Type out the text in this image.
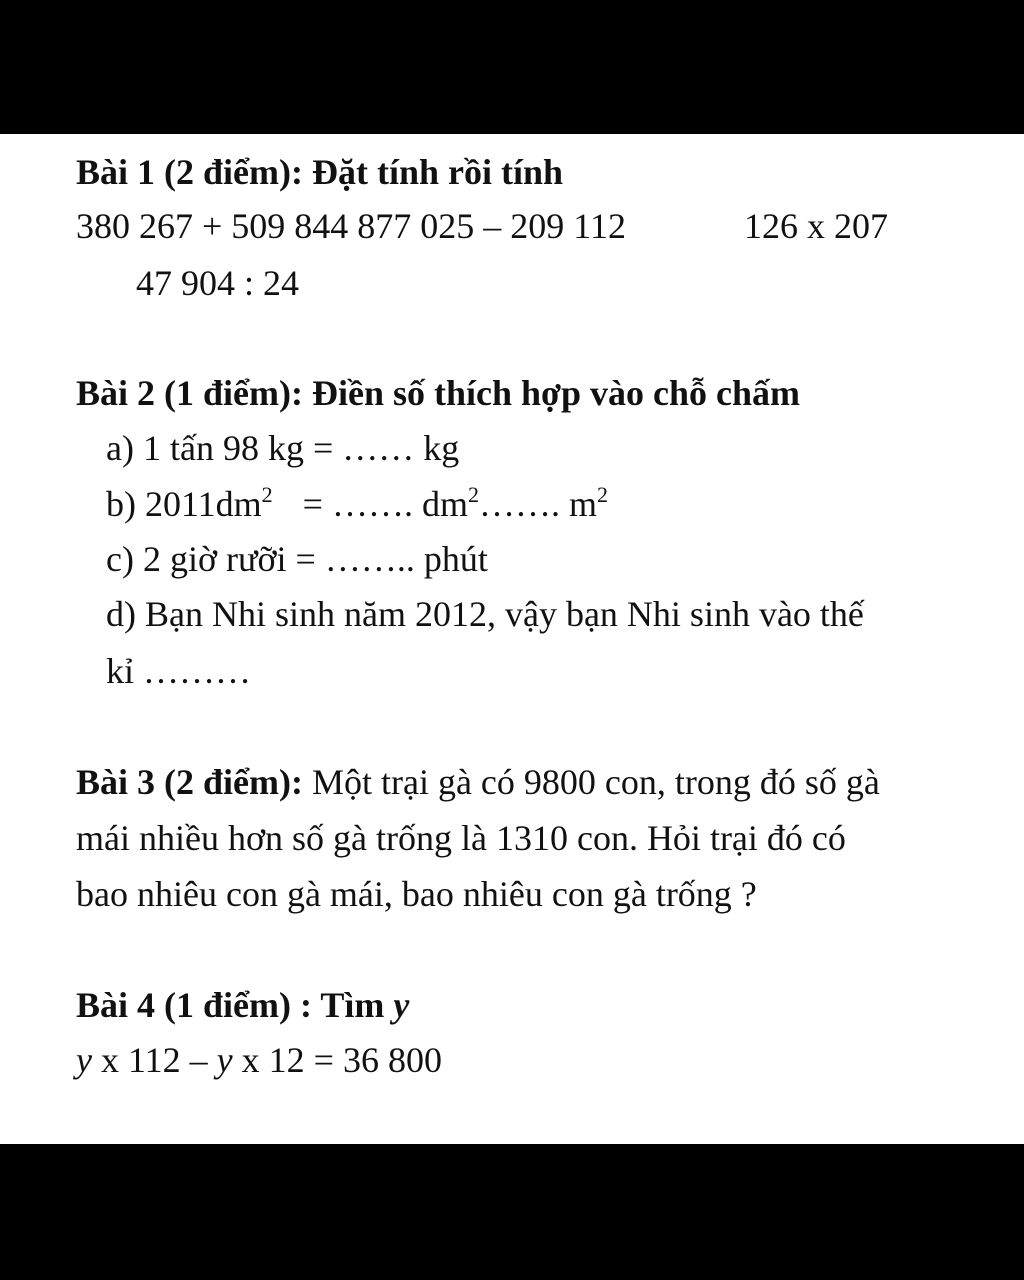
Bài 1 (2 điểm): Đặt tính rồi tính
380 267 + 509 844 877 025 – 209 112	126 x 207
47 904 : 24
Bài 2 (1 điểm): Điền số thích hợp vào chỗ chấm
a) 1 tấn 98 kg = …… kg
b) $2011dm^2$ = ……. $dm^2\dots\dots$. $m^2$
c) 2 giờ rưỡi = …….. phút
d) Bạn Nhi sinh năm 2012, vậy bạn Nhi sinh vào thế
kỉ ………
Bài 3 (2 điểm): Một trại gà có 9800 con, trong đó số gà
mái nhiều hơn số gà trống là 1310 con. Hỏi trại đó có
bao nhiêu con gà mái, bao nhiêu con gà trống ?
Bài 4 (1 điểm) : Tìm y
y x 112 – y x 12 = 36 800
